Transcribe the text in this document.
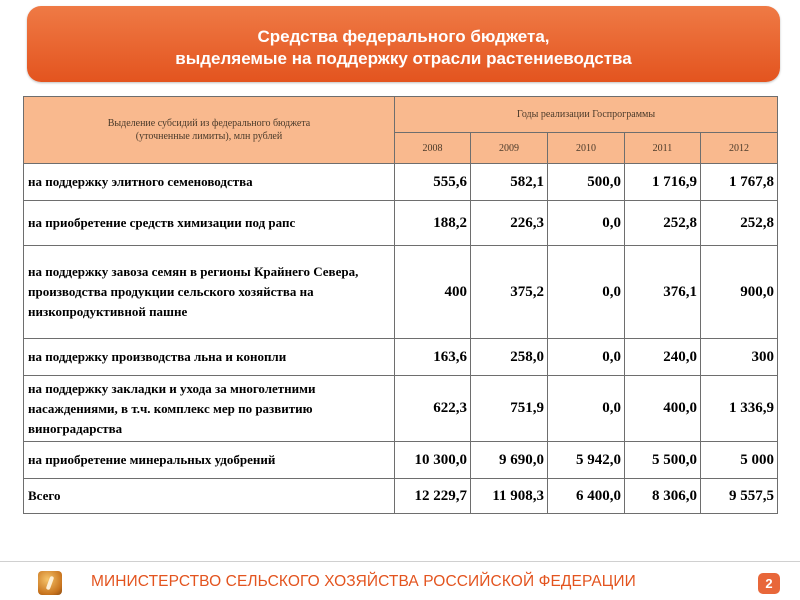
Средства федерального бюджета,
выделяемые на поддержку отрасли растениеводства
Выделение субсидий из федерального бюджета (уточненные лимиты), млн рублей	Годы реализации Госпрограммы				
	2008	2009	2010	2011	2012
на поддержку элитного семеноводства	555,6	582,1	500,0	1 716,9	1 767,8
на приобретение средств химизации под рапс	188,2	226,3	0,0	252,8	252,8
на поддержку завоза семян в регионы Крайнего Севера,
производства продукции сельского хозяйства на низкопродуктивной пашне	400	375,2	0,0	376,1	900,0
на поддержку производства льна и конопли	163,6	258,0	0,0	240,0	300
на поддержку закладки и ухода за многолетними насаждениями, в т.ч. комплекс мер по развитию виноградарства	622,3	751,9	0,0	400,0	1 336,9
на приобретение минеральных удобрений	10 300,0	9 690,0	5 942,0	5 500,0	5 000
Всего	12 229,7	11 908,3	6 400,0	8 306,0	9 557,5
МИНИСТЕРСТВО СЕЛЬСКОГО ХОЗЯЙСТВА РОССИЙСКОЙ ФЕДЕРАЦИИ	2
